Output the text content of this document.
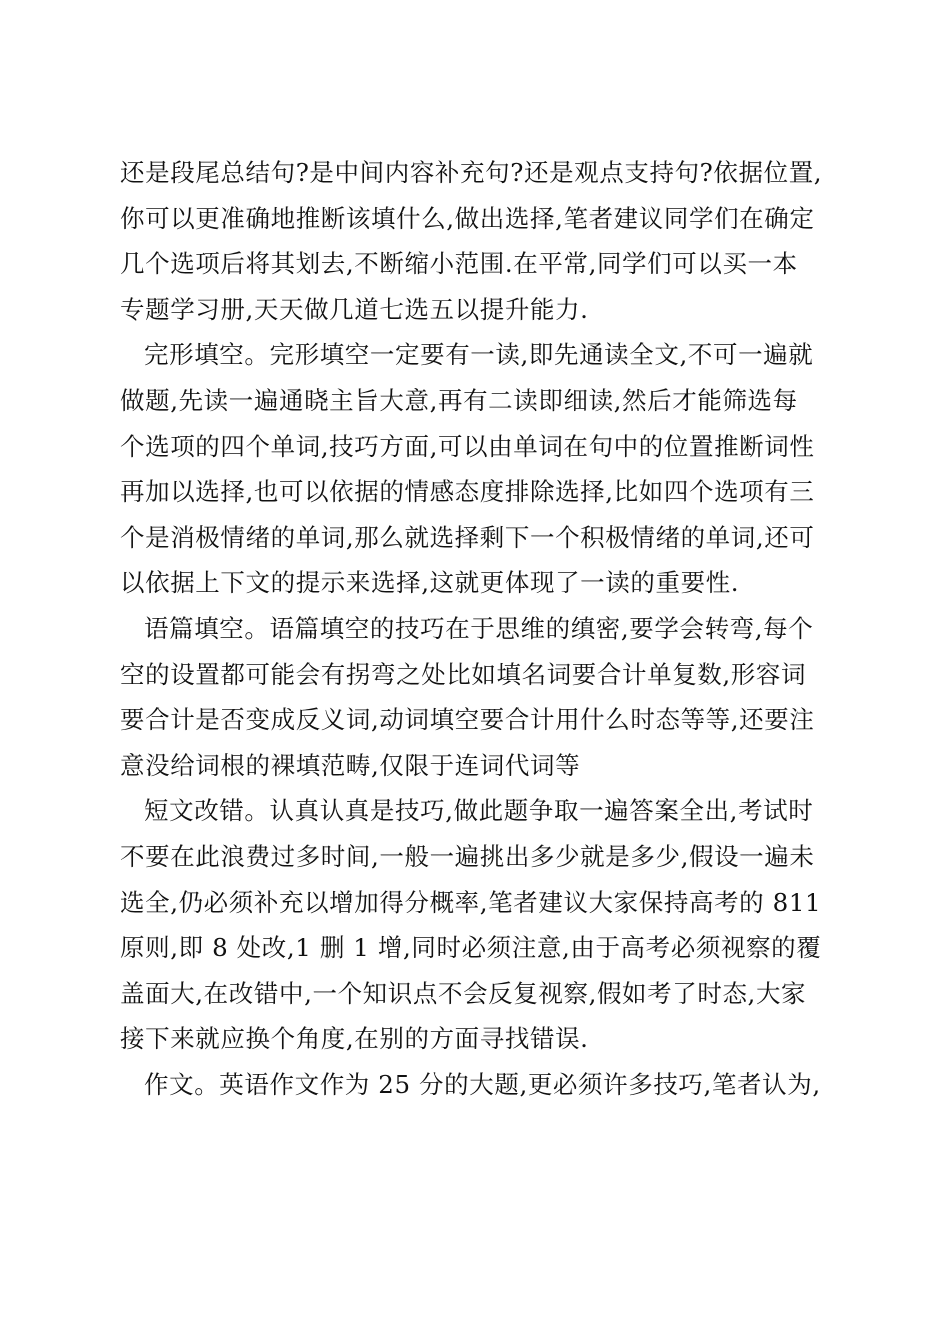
还是段尾总结句?是中间内容补充句?还是观点支持句?依据位置,
你可以更准确地推断该填什么,做出选择,笔者建议同学们在确定
几个选项后将其划去,不断缩小范围.在平常,同学们可以买一本
专题学习册,天天做几道七选五以提升能力.
完形填空。完形填空一定要有一读,即先通读全文,不可一遍就
做题,先读一遍通晓主旨大意,再有二读即细读,然后才能筛选每
个选项的四个单词,技巧方面,可以由单词在句中的位置推断词性
再加以选择,也可以依据的情感态度排除选择,比如四个选项有三
个是消极情绪的单词,那么就选择剩下一个积极情绪的单词,还可
以依据上下文的提示来选择,这就更体现了一读的重要性.
语篇填空。语篇填空的技巧在于思维的缜密,要学会转弯,每个
空的设置都可能会有拐弯之处比如填名词要合计单复数,形容词
要合计是否变成反义词,动词填空要合计用什么时态等等,还要注
意没给词根的裸填范畴,仅限于连词代词等
短文改错。认真认真是技巧,做此题争取一遍答案全出,考试时
不要在此浪费过多时间,一般一遍挑出多少就是多少,假设一遍未
选全,仍必须补充以增加得分概率,笔者建议大家保持高考的 811
原则,即 8 处改,1 删 1 增,同时必须注意,由于高考必须视察的覆
盖面大,在改错中,一个知识点不会反复视察,假如考了时态,大家
接下来就应换个角度,在别的方面寻找错误.
作文。英语作文作为 25 分的大题,更必须许多技巧,笔者认为,
